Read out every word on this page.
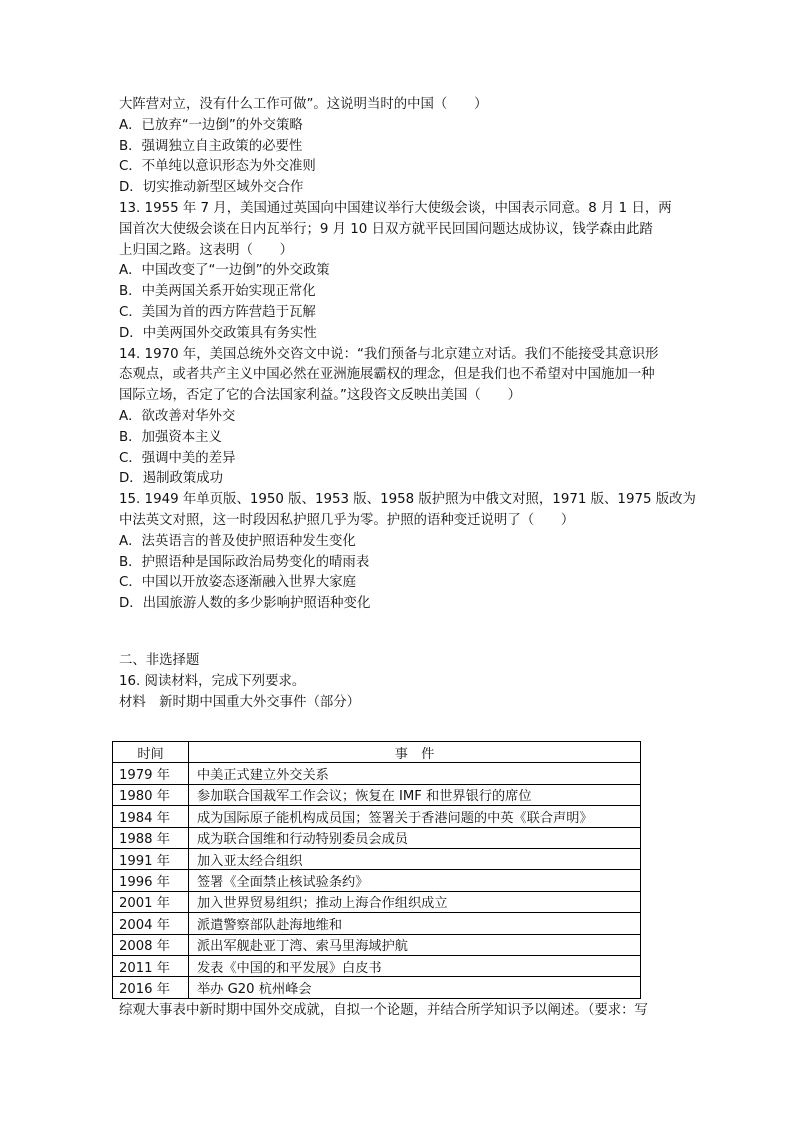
大阵营对立，没有什么工作可做”。这说明当时的中国（　　）
A．已放弃“一边倒”的外交策略
B．强调独立自主政策的必要性
C．不单纯以意识形态为外交准则
D．切实推动新型区域外交合作
13. 1955 年 7 月，美国通过英国向中国建议举行大使级会谈，中国表示同意。8 月 1 日，两
国首次大使级会谈在日内瓦举行；9 月 10 日双方就平民回国问题达成协议，钱学森由此踏
上归国之路。这表明（　　）
A．中国改变了“一边倒”的外交政策
B．中美两国关系开始实现正常化
C．美国为首的西方阵营趋于瓦解
D．中美两国外交政策具有务实性
14. 1970 年，美国总统外交咨文中说：“我们预备与北京建立对话。我们不能接受其意识形
态观点，或者共产主义中国必然在亚洲施展霸权的理念，但是我们也不希望对中国施加一种
国际立场，否定了它的合法国家利益。”这段咨文反映出美国（　　）
A．欲改善对华外交
B．加强资本主义
C．强调中美的差异
D．遏制政策成功
15. 1949 年单页版、1950 版、1953 版、1958 版护照为中俄文对照，1971 版、1975 版改为
中法英文对照，这一时段因私护照几乎为零。护照的语种变迁说明了（　　）
A．法英语言的普及使护照语种发生变化
B．护照语种是国际政治局势变化的晴雨表
C．中国以开放姿态逐渐融入世界大家庭
D．出国旅游人数的多少影响护照语种变化
二、非选择题
16. 阅读材料，完成下列要求。
材料　新时期中国重大外交事件（部分）
时间	事　件
1979 年	中美正式建立外交关系
1980 年	参加联合国裁军工作会议；恢复在 IMF 和世界银行的席位
1984 年	成为国际原子能机构成员国；签署关于香港问题的中英《联合声明》
1988 年	成为联合国维和行动特别委员会成员
1991 年	加入亚太经合组织
1996 年	签署《全面禁止核试验条约》
2001 年	加入世界贸易组织；推动上海合作组织成立
2004 年	派遣警察部队赴海地维和
2008 年	派出军舰赴亚丁湾、索马里海域护航
2011 年	发表《中国的和平发展》白皮书
2016 年	举办 G20 杭州峰会
综观大事表中新时期中国外交成就，自拟一个论题，并结合所学知识予以阐述。（要求：写
